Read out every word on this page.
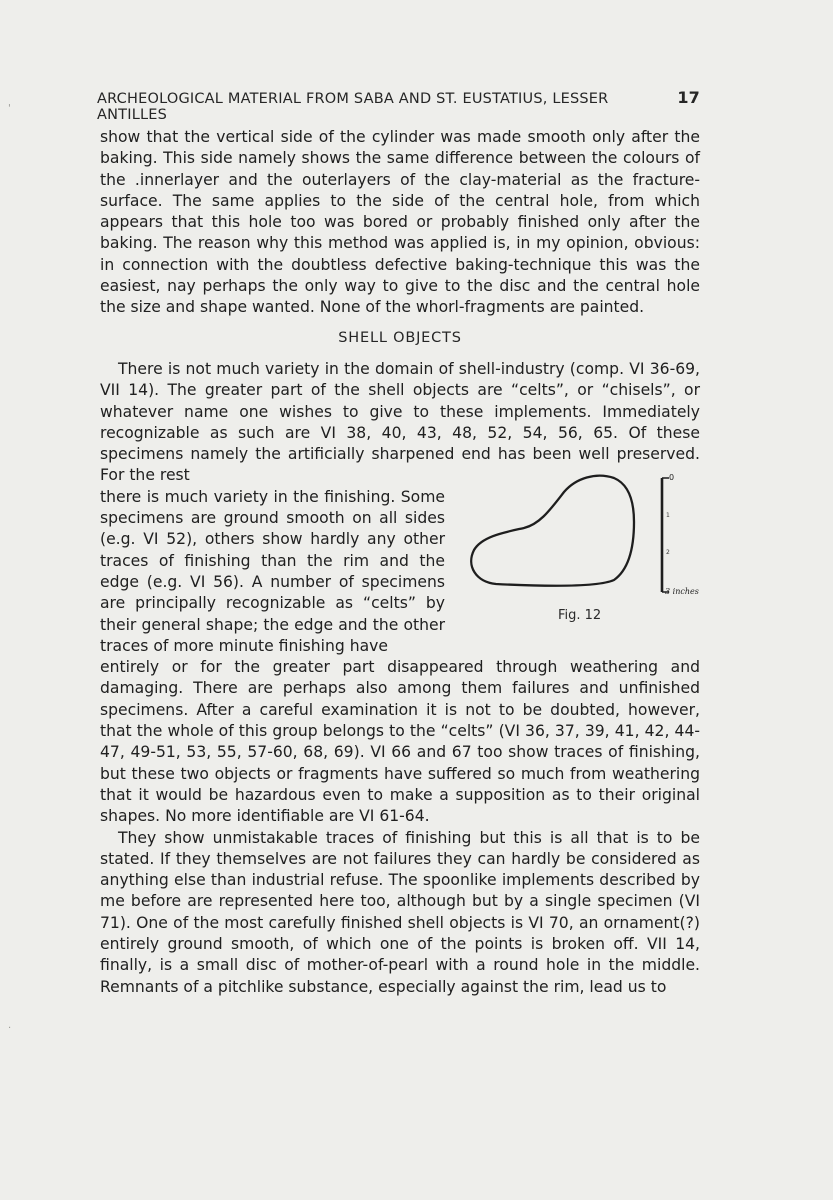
ARCHEOLOGICAL MATERIAL FROM SABA AND ST. EUSTATIUS, LESSER ANTILLES
17

show that the vertical side of the cylinder was made smooth only after the baking. This side namely shows the same difference between the colours of the .innerlayer and the outerlayers of the clay-material as the fracture-surface. The same applies to the side of the central hole, from which appears that this hole too was bored or probably finished only after the baking. The reason why this method was applied is, in my opinion, obvious: in connection with the doubtless defective baking-technique this was the easiest, nay perhaps the only way to give to the disc and the central hole the size and shape wanted. None of the whorl-fragments are painted.

SHELL OBJECTS

There is not much variety in the domain of shell-industry (comp. VI 36-69, VII 14). The greater part of the shell objects are “celts”, or “chisels”, or whatever name one wishes to give to these implements. Immediately recognizable as such are VI 38, 40, 43, 48, 52, 54, 56, 65. Of these specimens namely the artificially sharpened end has been well preserved. For the rest

there is much variety in the finishing. Some specimens are ground smooth on all sides (e.g. VI 52), others show hardly any other traces of finishing than the rim and the edge (e.g. VI 56). A number of specimens are principally recognizable as “celts” by their general shape; the edge and the other traces of more minute finishing have

entirely or for the greater part disappeared through weathering and damaging. There are perhaps also among them failures and unfinished specimens. After a careful examination it is not to be doubted, however, that the whole of this group belongs to the “celts” (VI 36, 37, 39, 41, 42, 44-47, 49-51, 53, 55, 57-60, 68, 69). VI 66 and 67 too show traces of finishing, but these two objects or fragments have suffered so much from weathering that it would be hazardous even to make a supposition as to their original shapes. No more identifiable are VI 61-64.

They show unmistakable traces of finishing but this is all that is to be stated. If they themselves are not failures they can hardly be considered as anything else than industrial refuse. The spoonlike implements described by me before are represented here too, although but by a single specimen (VI 71). One of the most carefully finished shell objects is VI 70, an ornament(?) entirely ground smooth, of which one of the points is broken off. VII 14, finally, is a small disc of mother-of-pearl with a round hole in the middle. Remnants of a pitchlike substance, especially against the rim, lead us to

0
1
2
3 inches
Fig. 12
'
.
